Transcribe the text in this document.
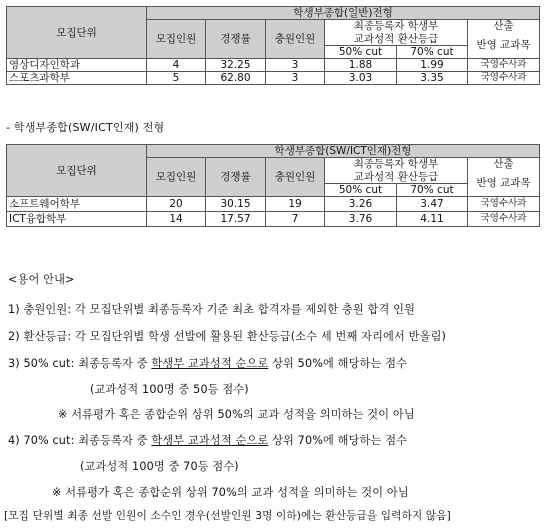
모집단위	학생부종합(일반)전형					
	모집인원	경쟁률	충원인원	최종등록자 학생부		산출
				교과성적 환산등급		반영 교과목
				50% cut	70% cut	
영상디자인학과	4	32.25	3	1.88	1.99	국영수사과
스포츠과학부	5	62.80	3	3.03	3.35	국영수사과
- 학생부종합(SW/ICT인재) 전형
모집단위	학생부종합(SW/ICT인재)전형					
	모집인원	경쟁률	충원인원	최종등록자 학생부		산출
				교과성적 환산등급		반영 교과목
				50% cut	70% cut	
소프트웨어학부	20	30.15	19	3.26	3.47	국영수사과
ICT융합학부	14	17.57	7	3.76	4.11	국영수사과
<용어 안내>
1) 충원인원: 각 모집단위별 최종등록자 기준 최초 합격자를 제외한 충원 합격 인원
2) 환산등급: 각 모집단위별 학생 선발에 활용된 환산등급(소수 세 번째 자리에서 반올림)
3) 50% cut: 최종등록자 중 학생부 교과성적 순으로 상위 50%에 해당하는 점수
(교과성적 100명 중 50등 점수)
※ 서류평가 혹은 종합순위 상위 50%의 교과 성적을 의미하는 것이 아님
4) 70% cut: 최종등록자 중 학생부 교과성적 순으로 상위 70%에 해당하는 점수
(교과성적 100명 중 70등 점수)
※ 서류평가 혹은 종합순위 상위 70%의 교과 성적을 의미하는 것이 아님
[모집 단위별 최종 선발 인원이 소수인 경우(선발인원 3명 이하)에는 환산등급을 입력하지 않음]
